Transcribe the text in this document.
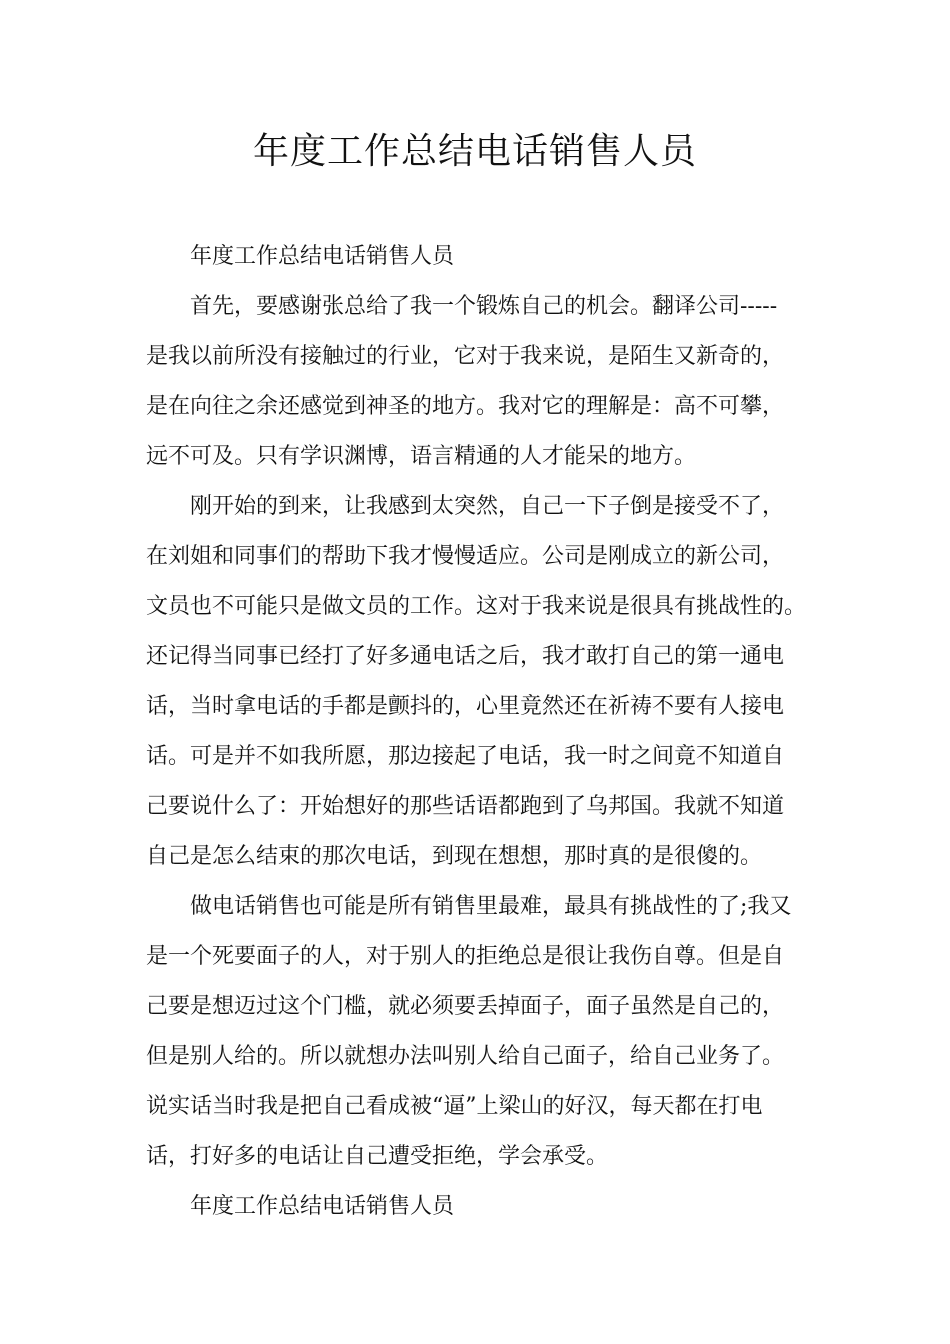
年度工作总结电话销售人员
年度工作总结电话销售人员
首先，要感谢张总给了我一个锻炼自己的机会。翻译公司-----
是我以前所没有接触过的行业，它对于我来说，是陌生又新奇的，
是在向往之余还感觉到神圣的地方。我对它的理解是：高不可攀，
远不可及。只有学识渊博，语言精通的人才能呆的地方。
刚开始的到来，让我感到太突然，自己一下子倒是接受不了，
在刘姐和同事们的帮助下我才慢慢适应。公司是刚成立的新公司，
文员也不可能只是做文员的工作。这对于我来说是很具有挑战性的。
还记得当同事已经打了好多通电话之后，我才敢打自己的第一通电
话，当时拿电话的手都是颤抖的，心里竟然还在祈祷不要有人接电
话。可是并不如我所愿，那边接起了电话，我一时之间竟不知道自
己要说什么了：开始想好的那些话语都跑到了乌邦国。我就不知道
自己是怎么结束的那次电话，到现在想想，那时真的是很傻的。
做电话销售也可能是所有销售里最难，最具有挑战性的了;我又
是一个死要面子的人，对于别人的拒绝总是很让我伤自尊。但是自
己要是想迈过这个门槛，就必须要丢掉面子，面子虽然是自己的，
但是别人给的。所以就想办法叫别人给自己面子，给自己业务了。
说实话当时我是把自己看成被“逼”上梁山的好汉，每天都在打电
话，打好多的电话让自己遭受拒绝，学会承受。
年度工作总结电话销售人员
